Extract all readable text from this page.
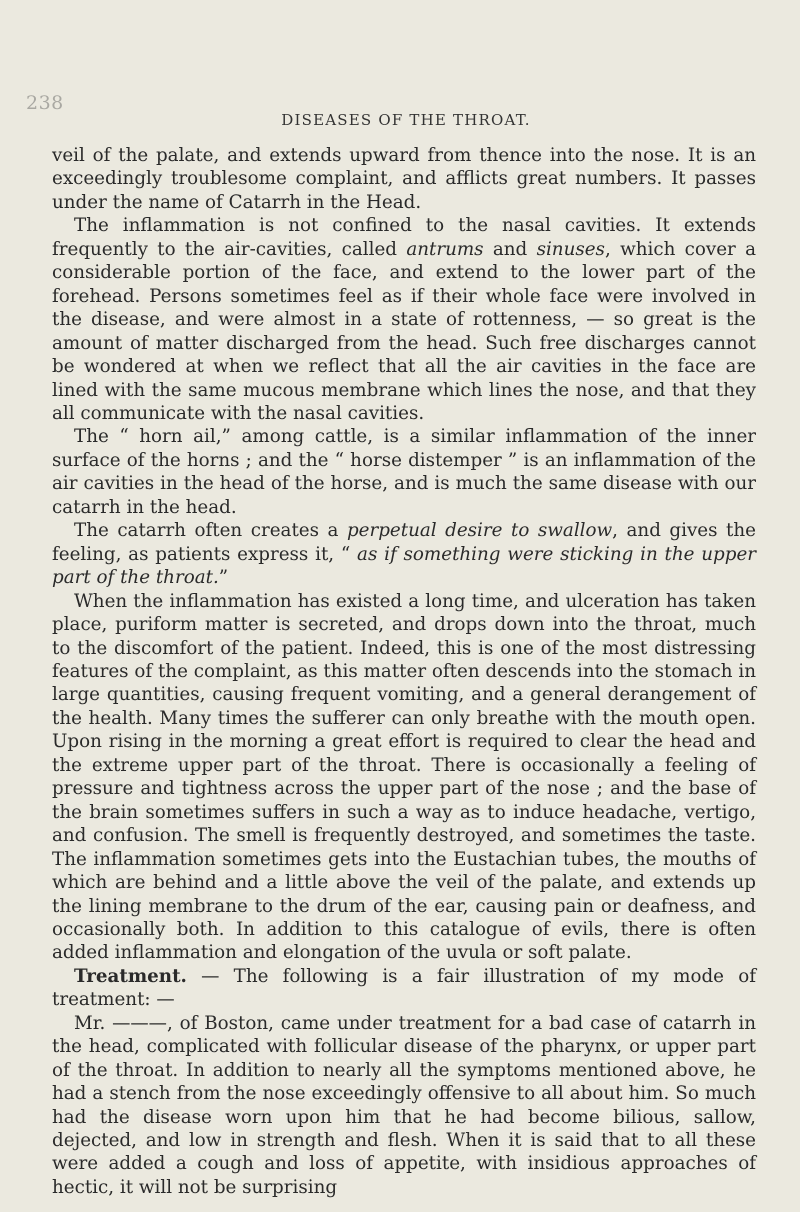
238
DISEASES OF THE THROAT.

veil of the palate, and extends upward from thence into the nose. It is an exceedingly troublesome complaint, and afflicts great numbers. It passes under the name of Catarrh in the Head.

The inflammation is not confined to the nasal cavities. It extends frequently to the air-cavities, called antrums and sinuses, which cover a considerable portion of the face, and extend to the lower part of the forehead. Persons sometimes feel as if their whole face were involved in the disease, and were almost in a state of rottenness, — so great is the amount of matter discharged from the head. Such free discharges cannot be wondered at when we reflect that all the air cavities in the face are lined with the same mucous membrane which lines the nose, and that they all communicate with the nasal cavities.

The “ horn ail,” among cattle, is a similar inflammation of the inner surface of the horns ; and the “ horse distemper ” is an inflammation of the air cavities in the head of the horse, and is much the same disease with our catarrh in the head.

The catarrh often creates a perpetual desire to swallow, and gives the feeling, as patients express it, “ as if something were sticking in the upper part of the throat.”

When the inflammation has existed a long time, and ulceration has taken place, puriform matter is secreted, and drops down into the throat, much to the discomfort of the patient. Indeed, this is one of the most distressing features of the complaint, as this matter often descends into the stomach in large quantities, causing frequent vomiting, and a general derangement of the health. Many times the sufferer can only breathe with the mouth open. Upon rising in the morning a great effort is required to clear the head and the extreme upper part of the throat. There is occasionally a feeling of pressure and tightness across the upper part of the nose ; and the base of the brain sometimes suffers in such a way as to induce headache, vertigo, and confusion. The smell is frequently destroyed, and sometimes the taste. The inflammation sometimes gets into the Eustachian tubes, the mouths of which are behind and a little above the veil of the palate, and extends up the lining membrane to the drum of the ear, causing pain or deafness, and occasionally both. In addition to this catalogue of evils, there is often added inflammation and elongation of the uvula or soft palate.

Treatment. — The following is a fair illustration of my mode of treatment: —

Mr. ———, of Boston, came under treatment for a bad case of catarrh in the head, complicated with follicular disease of the pharynx, or upper part of the throat. In addition to nearly all the symptoms mentioned above, he had a stench from the nose exceedingly offensive to all about him. So much had the disease worn upon him that he had become bilious, sallow, dejected, and low in strength and flesh. When it is said that to all these were added a cough and loss of appetite, with insidious approaches of hectic, it will not be surprising
